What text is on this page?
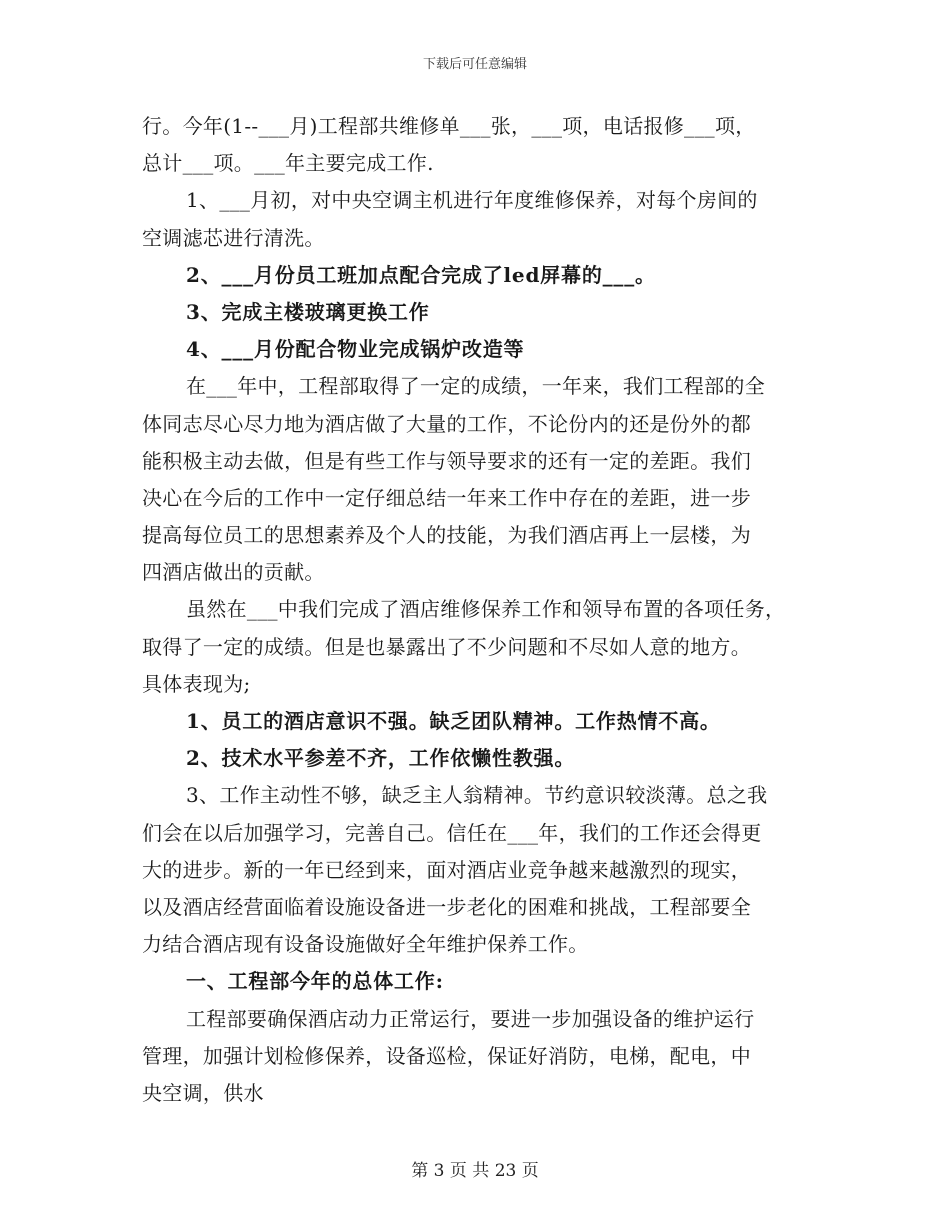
下载后可任意编辑
行。今年(1--___月)工程部共维修单___张，___项，电话报修___项，
总计___项。___年主要完成工作.
1、___月初，对中央空调主机进行年度维修保养，对每个房间的
空调滤芯进行清洗。
2、___月份员工班加点配合完成了led屏幕的___。
3、完成主楼玻璃更换工作
4、___月份配合物业完成锅炉改造等
在___年中，工程部取得了一定的成绩，一年来，我们工程部的全
体同志尽心尽力地为酒店做了大量的工作，不论份内的还是份外的都
能积极主动去做，但是有些工作与领导要求的还有一定的差距。我们
决心在今后的工作中一定仔细总结一年来工作中存在的差距，进一步
提高每位员工的思想素养及个人的技能，为我们酒店再上一层楼，为
四酒店做出的贡献。
虽然在___中我们完成了酒店维修保养工作和领导布置的各项任务，
取得了一定的成绩。但是也暴露出了不少问题和不尽如人意的地方。
具体表现为;
1、员工的酒店意识不强。缺乏团队精神。工作热情不高。
2、技术水平参差不齐，工作依懒性教强。
3、工作主动性不够，缺乏主人翁精神。节约意识较淡薄。总之我
们会在以后加强学习，完善自己。信任在___年，我们的工作还会得更
大的进步。新的一年已经到来，面对酒店业竞争越来越激烈的现实，
以及酒店经营面临着设施设备进一步老化的困难和挑战，工程部要全
力结合酒店现有设备设施做好全年维护保养工作。
一、工程部今年的总体工作:
工程部要确保酒店动力正常运行，要进一步加强设备的维护运行
管理，加强计划检修保养，设备巡检，保证好消防，电梯，配电，中
央空调，供水
第 3 页 共 23 页
